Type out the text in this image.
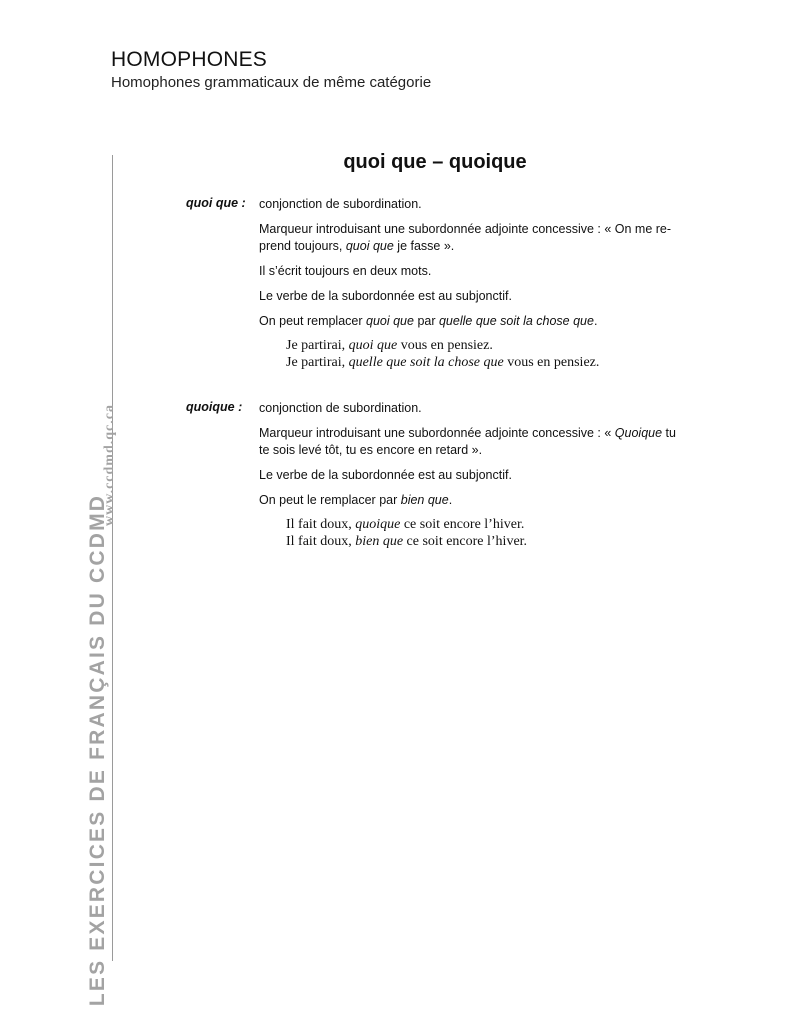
HOMOPHONES
Homophones grammaticaux de même catégorie
www.ccdmd.qc.ca
LES EXERCICES DE FRANÇAIS DU CCDMD
quoi que – quoique
quoi que : conjonction de subordination.

Marqueur introduisant une subordonnée adjointe concessive : « On me re-
prend toujours, quoi que je fasse ».

Il s’écrit toujours en deux mots.

Le verbe de la subordonnée est au subjonctif.

On peut remplacer quoi que par quelle que soit la chose que.

Je partirai, quoi que vous en pensiez.
Je partirai, quelle que soit la chose que vous en pensiez.
quoique : conjonction de subordination.

Marqueur introduisant une subordonnée adjointe concessive : « Quoique tu
te sois levé tôt, tu es encore en retard ».

Le verbe de la subordonnée est au subjonctif.

On peut le remplacer par bien que.

Il fait doux, quoique ce soit encore l’hiver.
Il fait doux, bien que ce soit encore l’hiver.
